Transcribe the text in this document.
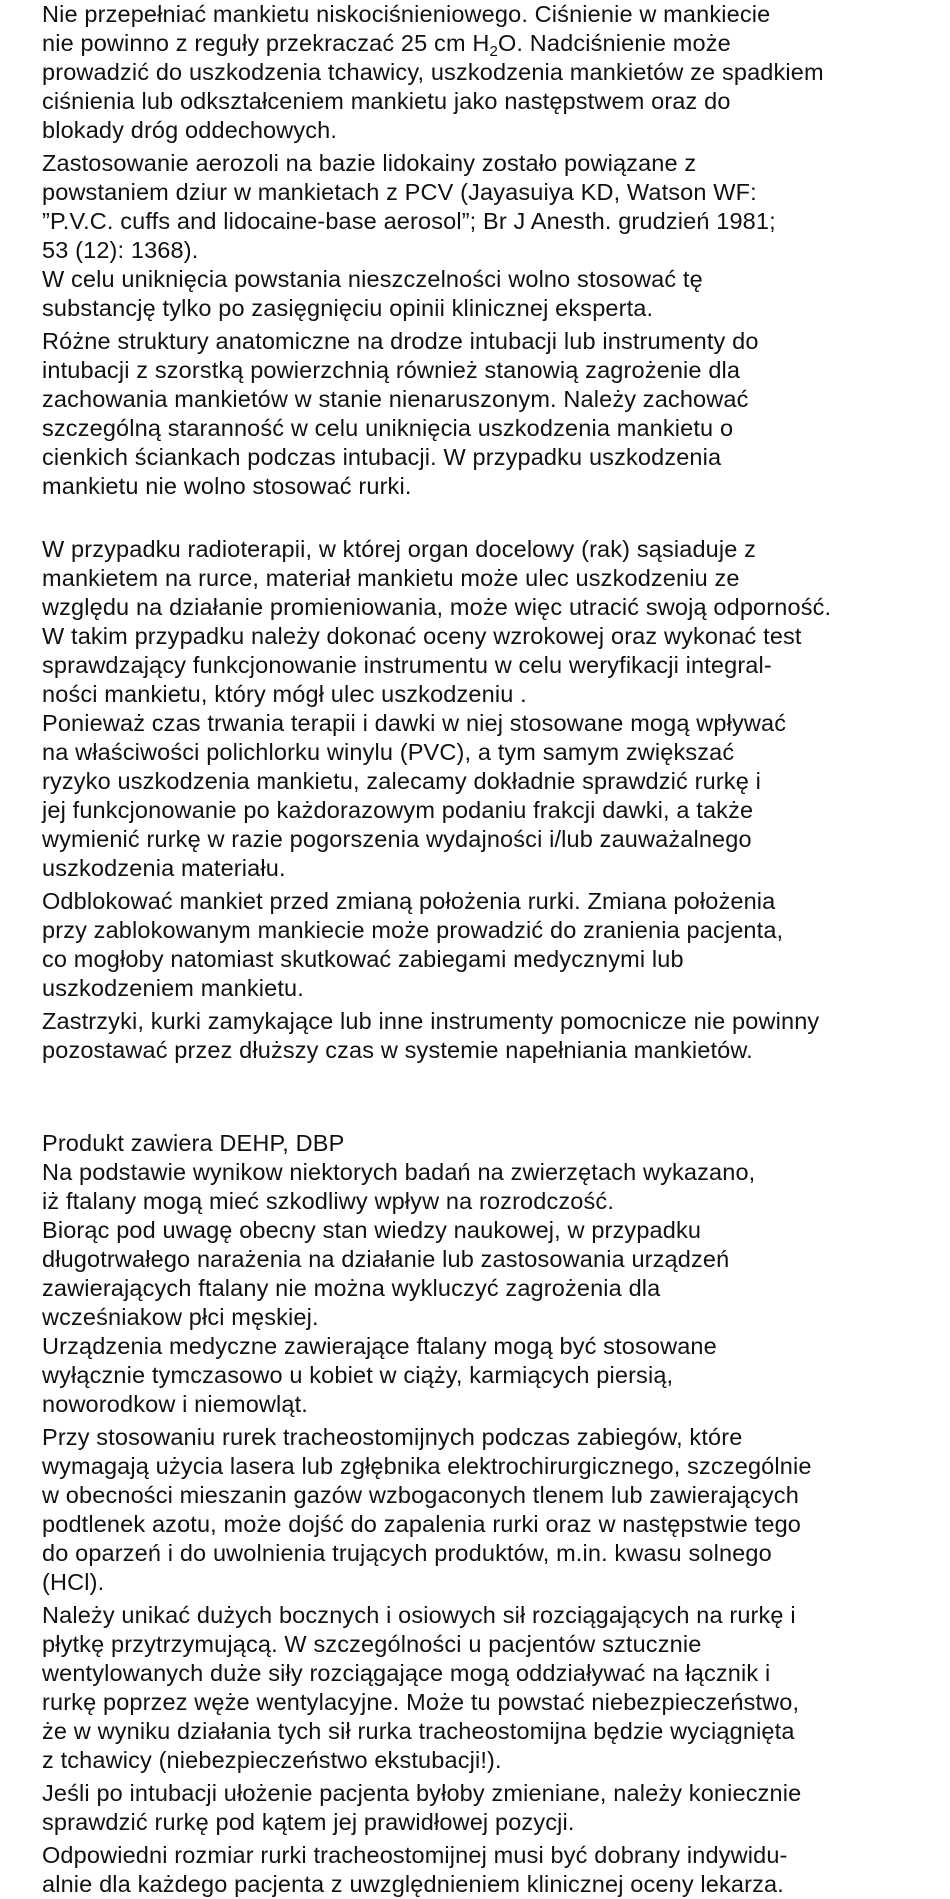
Nie przepełniać mankietu niskociśnieniowego. Ciśnienie w mankiecie
nie powinno z reguły przekraczać 25 cm $H_2O$. Nadciśnienie może
prowadzić do uszkodzenia tchawicy, uszkodzenia mankietów ze spadkiem
ciśnienia lub odkształceniem mankietu jako następstwem oraz do
blokady dróg oddechowych.

Zastosowanie aerozoli na bazie lidokainy zostało powiązane z
powstaniem dziur w mankietach z PCV (Jayasuiya KD, Watson WF:
”P.V.C. cuffs and lidocaine-base aerosol”; Br J Anesth. grudzień 1981;
53 (12): 1368).
W celu uniknięcia powstania nieszczelności wolno stosować tę
substancję tylko po zasięgnięciu opinii klinicznej eksperta.

Różne struktury anatomiczne na drodze intubacji lub instrumenty do
intubacji z szorstką powierzchnią również stanowią zagrożenie dla
zachowania mankietów w stanie nienaruszonym. Należy zachować
szczególną staranność w celu uniknięcia uszkodzenia mankietu o
cienkich ściankach podczas intubacji. W przypadku uszkodzenia
mankietu nie wolno stosować rurki.

W przypadku radioterapii, w której organ docelowy (rak) sąsiaduje z
mankietem na rurce, materiał mankietu może ulec uszkodzeniu ze
względu na działanie promieniowania, może więc utracić swoją odporność.
W takim przypadku należy dokonać oceny wzrokowej oraz wykonać test
sprawdzający funkcjonowanie instrumentu w celu weryfikacji integral-
ności mankietu, który mógł ulec uszkodzeniu .
Ponieważ czas trwania terapii i dawki w niej stosowane mogą wpływać
na właściwości polichlorku winylu (PVC), a tym samym zwiększać
ryzyko uszkodzenia mankietu, zalecamy dokładnie sprawdzić rurkę i
jej funkcjonowanie po każdorazowym podaniu frakcji dawki, a także
wymienić rurkę w razie pogorszenia wydajności i/lub zauważalnego
uszkodzenia materiału.

Odblokować mankiet przed zmianą położenia rurki. Zmiana położenia
przy zablokowanym mankiecie może prowadzić do zranienia pacjenta,
co mogłoby natomiast skutkować zabiegami medycznymi lub
uszkodzeniem mankietu.

Zastrzyki, kurki zamykające lub inne instrumenty pomocnicze nie powinny
pozostawać przez dłuższy czas w systemie napełniania mankietów.

Produkt zawiera DEHP, DBP
Na podstawie wynikow niektorych badań na zwierzętach wykazano,
iż ftalany mogą mieć szkodliwy wpływ na rozrodczość.
Biorąc pod uwagę obecny stan wiedzy naukowej, w przypadku
długotrwałego narażenia na działanie lub zastosowania urządzeń
zawierających ftalany nie można wykluczyć zagrożenia dla
wcześniakow płci męskiej.
Urządzenia medyczne zawierające ftalany mogą być stosowane
wyłącznie tymczasowo u kobiet w ciąży, karmiących piersią,
noworodkow i niemowląt.

Przy stosowaniu rurek tracheostomijnych podczas zabiegów, które
wymagają użycia lasera lub zgłębnika elektrochirurgicznego, szczególnie
w obecności mieszanin gazów wzbogaconych tlenem lub zawierających
podtlenek azotu, może dojść do zapalenia rurki oraz w następstwie tego
do oparzeń i do uwolnienia trujących produktów, m.in. kwasu solnego
(HCl).

Należy unikać dużych bocznych i osiowych sił rozciągających na rurkę i
płytkę przytrzymującą. W szczególności u pacjentów sztucznie
wentylowanych duże siły rozciągające mogą oddziaływać na łącznik i
rurkę poprzez węże wentylacyjne. Może tu powstać niebezpieczeństwo,
że w wyniku działania tych sił rurka tracheostomijna będzie wyciągnięta
z tchawicy (niebezpieczeństwo ekstubacji!).

Jeśli po intubacji ułożenie pacjenta byłoby zmieniane, należy koniecznie
sprawdzić rurkę pod kątem jej prawidłowej pozycji.

Odpowiedni rozmiar rurki tracheostomijnej musi być dobrany indywidu-
alnie dla każdego pacjenta z uwzględnieniem klinicznej oceny lekarza.
